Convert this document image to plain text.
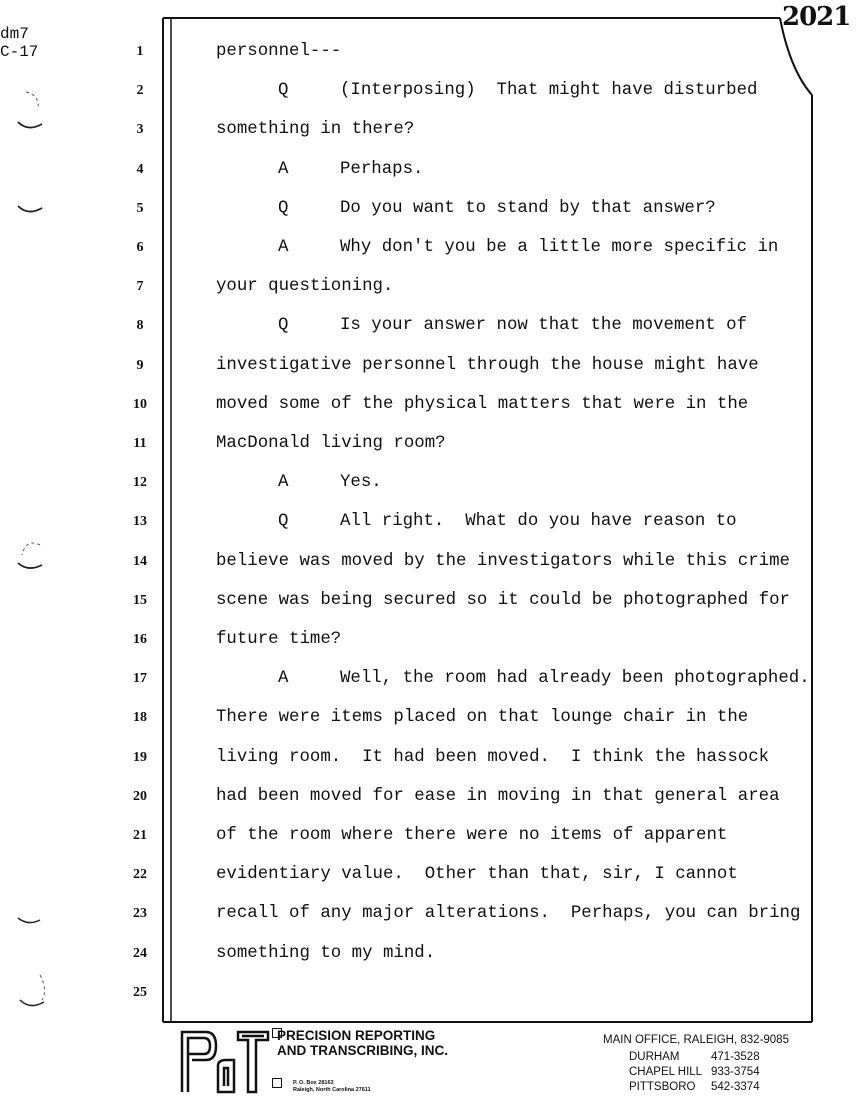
dm7
C-17
2021
1	personnel---
2	Q	(Interposing)  That might have disturbed
3	something in there?
4	A	Perhaps.
5	Q	Do you want to stand by that answer?
6	A	Why don't you be a little more specific in
7	your questioning.
8	Q	Is your answer now that the movement of
9	investigative personnel through the house might have
10	moved some of the physical matters that were in the
11	MacDonald living room?
12	A	Yes.
13	Q	All right.  What do you have reason to
14	believe was moved by the investigators while this crime
15	scene was being secured so it could be photographed for
16	future time?
17	A	Well, the room had already been photographed.
18	There were items placed on that lounge chair in the
19	living room.  It had been moved.  I think the hassock
20	had been moved for ease in moving in that general area
21	of the room where there were no items of apparent
22	evidentiary value.  Other than that, sir, I cannot
23	recall of any major alterations.  Perhaps, you can bring
24	something to my mind.
25
PRECISION REPORTING
AND TRANSCRIBING, INC.
P. O. Box 28163
Raleigh, North Carolina 27611
MAIN OFFICE, RALEIGH, 832-9085
DURHAM	471-3528
CHAPEL HILL 933-3754
PITTSBORO 542-3374
